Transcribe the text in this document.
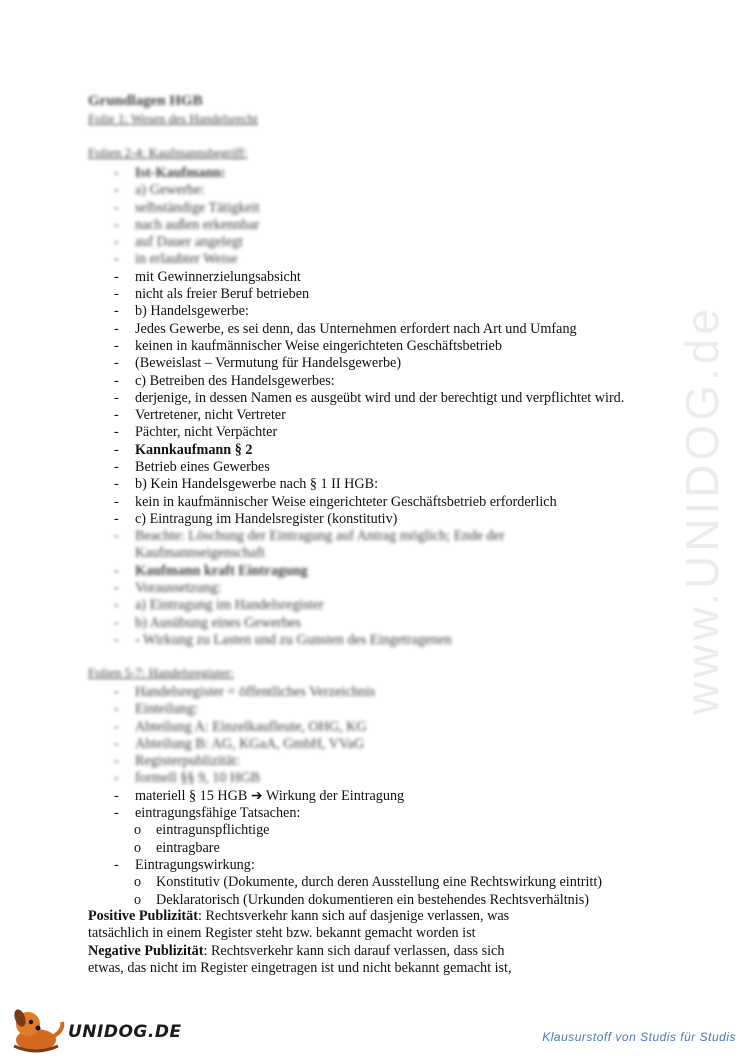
www.UNIDOG.de
Grundlagen HGB
Folie 1: Wesen des Handelsrecht
Folien 2-4: Kaufmannsbegriff:
- Ist-Kaufmann:
- a) Gewerbe:
- selbständige Tätigkeit
- nach außen erkennbar
- auf Dauer angelegt
- in erlaubter Weise
- mit Gewinnerzielungsabsicht
- nicht als freier Beruf betrieben
- b) Handelsgewerbe:
- Jedes Gewerbe, es sei denn, das Unternehmen erfordert nach Art und Umfang
- keinen in kaufmännischer Weise eingerichteten Geschäftsbetrieb
- (Beweislast – Vermutung für Handelsgewerbe)
- c) Betreiben des Handelsgewerbes:
- derjenige, in dessen Namen es ausgeübt wird und der berechtigt und verpflichtet wird.
- Vertretener, nicht Vertreter
- Pächter, nicht Verpächter
- Kannkaufmann § 2
- Betrieb eines Gewerbes
- b) Kein Handelsgewerbe nach § 1 II HGB:
- kein in kaufmännischer Weise eingerichteter Geschäftsbetrieb erforderlich
- c) Eintragung im Handelsregister (konstitutiv)
- Beachte: Löschung der Eintragung auf Antrag möglich; Ende der Kaufmannseigenschaft
- Kaufmann kraft Eintragung
- Voraussetzung:
- a) Eintragung im Handelsregister
- b) Ausübung eines Gewerbes
- - Wirkung zu Lasten und zu Gunsten des Eingetragenen
Folien 5-7: Handelsregister:
- Handelsregister = öffentliches Verzeichnis
- Einteilung:
- Abteilung A: Einzelkaufleute, OHG, KG
- Abteilung B: AG, KGaA, GmbH, VVaG
- Registerpublizität:
- formell §§ 9, 10 HGB
- materiell § 15 HGB ➔ Wirkung der Eintragung
- eintragungsfähige Tatsachen:
o eintragunspflichtige
o eintragbare
- Eintragungswirkung:
o Konstitutiv (Dokumente, durch deren Ausstellung eine Rechtswirkung eintritt)
o Deklaratorisch (Urkunden dokumentieren ein bestehendes Rechtsverhältnis)

Positive Publizität: Rechtsverkehr kann sich auf dasjenige verlassen, was

tatsächlich in einem Register steht bzw. bekannt gemacht worden ist

Negative Publizität: Rechtsverkehr kann sich darauf verlassen, dass sich

etwas, das nicht im Register eingetragen ist und nicht bekannt gemacht ist,

UNIDOG.DE	Klausurstoff von Studis für Studis
